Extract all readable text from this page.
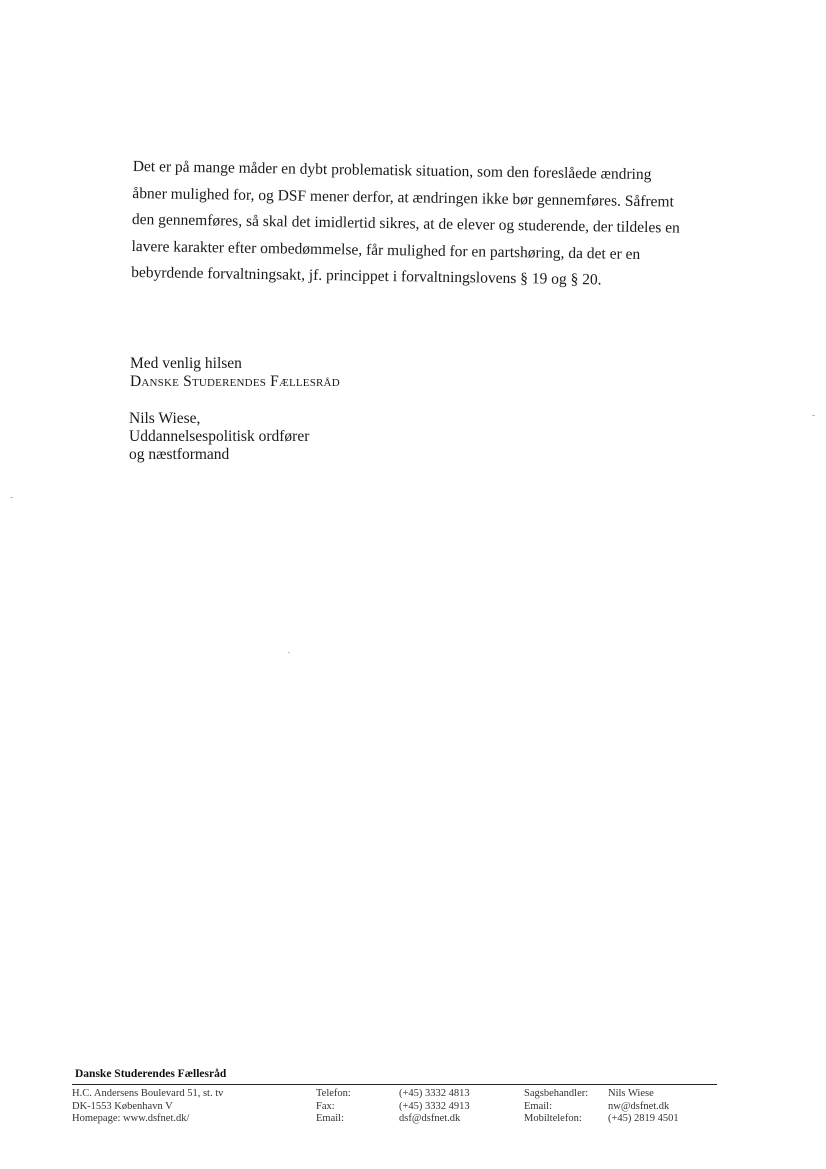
Det er på mange måder en dybt problematisk situation, som den foreslåede ændring
åbner mulighed for, og DSF mener derfor, at ændringen ikke bør gennemføres. Såfremt
den gennemføres, så skal det imidlertid sikres, at de elever og studerende, der tildeles en
lavere karakter efter ombedømmelse, får mulighed for en partshøring, da det er en
bebyrdende forvaltningsakt, jf. princippet i forvaltningslovens § 19 og § 20.

Med venlig hilsen
Danske Studerendes Fællesråd

Nils Wiese,
Uddannelsespolitisk ordfører
og næstformand

Danske Studerendes Fællesråd
H.C. Andersens Boulevard 51, st. tv
DK-1553 København V
Homepage: www.dsfnet.dk/
Telefon:
Fax:
Email:
(+45) 3332 4813
(+45) 3332 4913
dsf@dsfnet.dk
Sagsbehandler:
Email:
Mobiltelefon:
Nils Wiese
nw@dsfnet.dk
(+45) 2819 4501
